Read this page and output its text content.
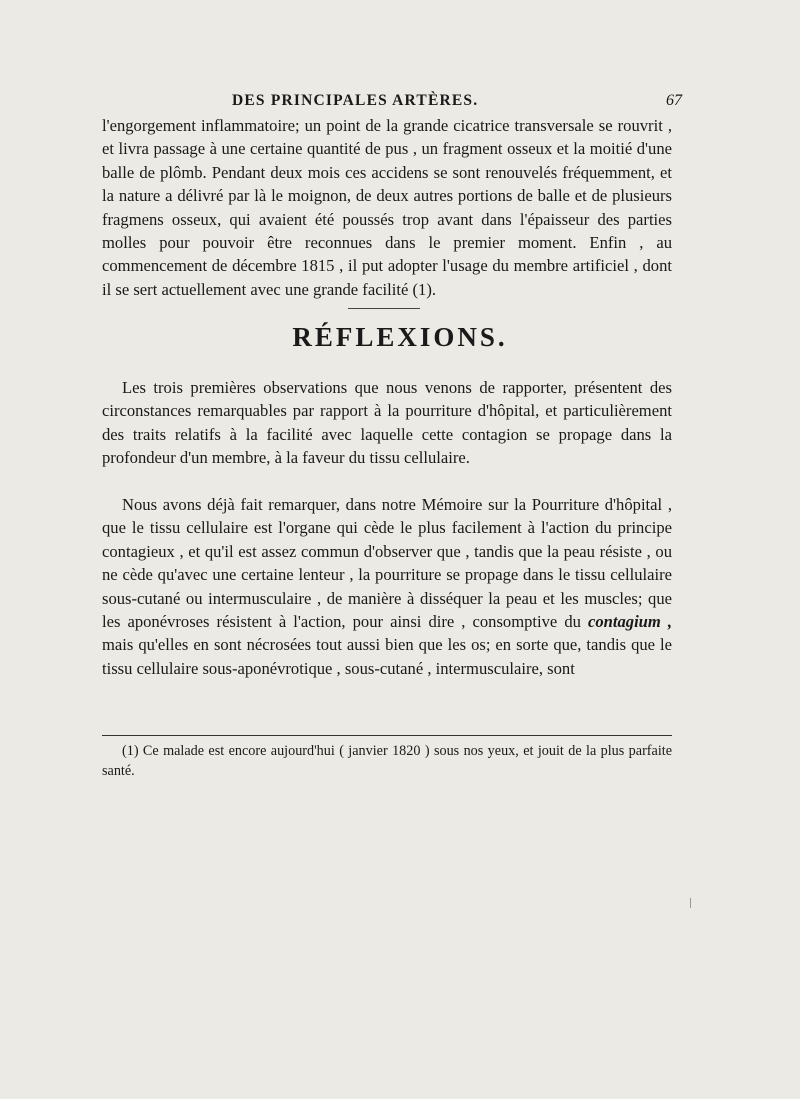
DES PRINCIPALES ARTÈRES.	67

l'engorgement inflammatoire; un point de la grande cicatrice transversale se rouvrit , et livra passage à une certaine quantité de pus , un fragment osseux et la moitié d'une balle de plômb. Pendant deux mois ces accidens se sont renouvelés fréquemment, et la nature a délivré par là le moignon, de deux autres portions de balle et de plusieurs fragmens osseux, qui avaient été poussés trop avant dans l'épaisseur des parties molles pour pouvoir être reconnues dans le premier moment. Enfin , au commencement de décembre 1815 , il put adopter l'usage du membre artificiel , dont il se sert actuellement avec une grande facilité (1).

RÉFLEXIONS.

Les trois premières observations que nous venons de rapporter, présentent des circonstances remarquables par rapport à la pourriture d'hôpital, et particulièrement des traits relatifs à la facilité avec laquelle cette contagion se propage dans la profondeur d'un membre, à la faveur du tissu cellulaire.

Nous avons déjà fait remarquer, dans notre Mémoire sur la Pourriture d'hôpital , que le tissu cellulaire est l'organe qui cède le plus facilement à l'action du principe contagieux , et qu'il est assez commun d'observer que , tandis que la peau résiste , ou ne cède qu'avec une certaine lenteur , la pourriture se propage dans le tissu cellulaire sous-cutané ou intermusculaire , de manière à disséquer la peau et les muscles; que les aponévroses résistent à l'action, pour ainsi dire , consomptive du contagium , mais qu'elles en sont nécrosées tout aussi bien que les os; en sorte que, tandis que le tissu cellulaire sous-aponévrotique , sous-cutané , intermusculaire, sont

(1) Ce malade est encore aujourd'hui ( janvier 1820 ) sous nos yeux, et jouit de la plus parfaite santé.
